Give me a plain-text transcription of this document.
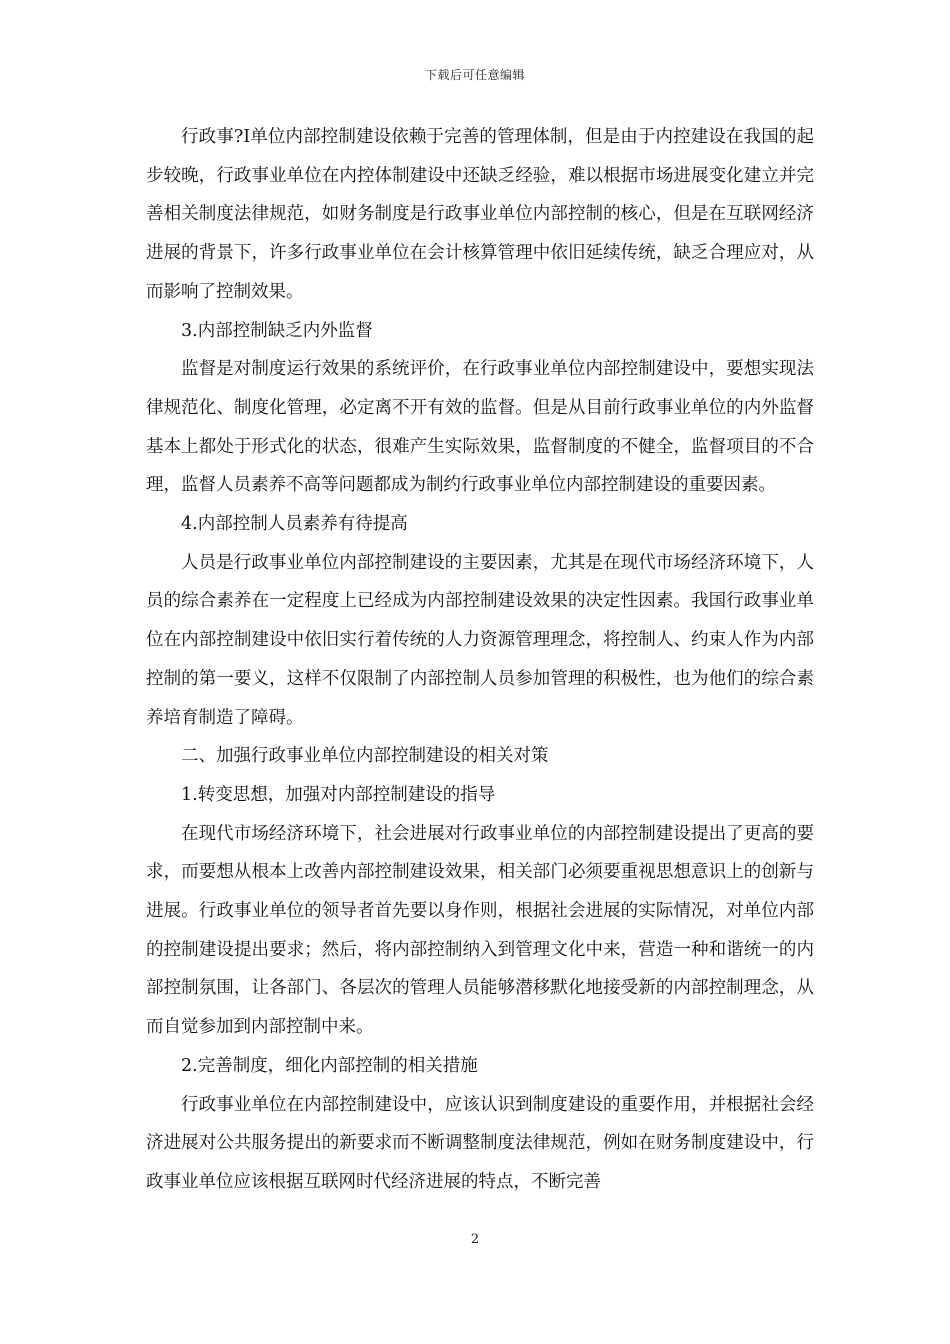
下载后可任意编辑

行政事?I单位内部控制建设依赖于完善的管理体制，但是由于内控建设在我国的起步较晚，行政事业单位在内控体制建设中还缺乏经验，难以根据市场进展变化建立并完善相关制度法律规范，如财务制度是行政事业单位内部控制的核心，但是在互联网经济进展的背景下，许多行政事业单位在会计核算管理中依旧延续传统，缺乏合理应对，从而影响了控制效果。

3.内部控制缺乏内外监督

监督是对制度运行效果的系统评价，在行政事业单位内部控制建设中，要想实现法律规范化、制度化管理，必定离不开有效的监督。但是从目前行政事业单位的内外监督基本上都处于形式化的状态，很难产生实际效果，监督制度的不健全，监督项目的不合理，监督人员素养不高等问题都成为制约行政事业单位内部控制建设的重要因素。

4.内部控制人员素养有待提高

人员是行政事业单位内部控制建设的主要因素，尤其是在现代市场经济环境下，人员的综合素养在一定程度上已经成为内部控制建设效果的决定性因素。我国行政事业单位在内部控制建设中依旧实行着传统的人力资源管理理念，将控制人、约束人作为内部控制的第一要义，这样不仅限制了内部控制人员参加管理的积极性，也为他们的综合素养培育制造了障碍。

二、加强行政事业单位内部控制建设的相关对策

1.转变思想，加强对内部控制建设的指导

在现代市场经济环境下，社会进展对行政事业单位的内部控制建设提出了更高的要求，而要想从根本上改善内部控制建设效果，相关部门必须要重视思想意识上的创新与进展。行政事业单位的领导者首先要以身作则，根据社会进展的实际情况，对单位内部的控制建设提出要求；然后，将内部控制纳入到管理文化中来，营造一种和谐统一的内部控制氛围，让各部门、各层次的管理人员能够潜移默化地接受新的内部控制理念，从而自觉参加到内部控制中来。

2.完善制度，细化内部控制的相关措施

行政事业单位在内部控制建设中，应该认识到制度建设的重要作用，并根据社会经济进展对公共服务提出的新要求而不断调整制度法律规范，例如在财务制度建设中，行政事业单位应该根据互联网时代经济进展的特点，不断完善

2
